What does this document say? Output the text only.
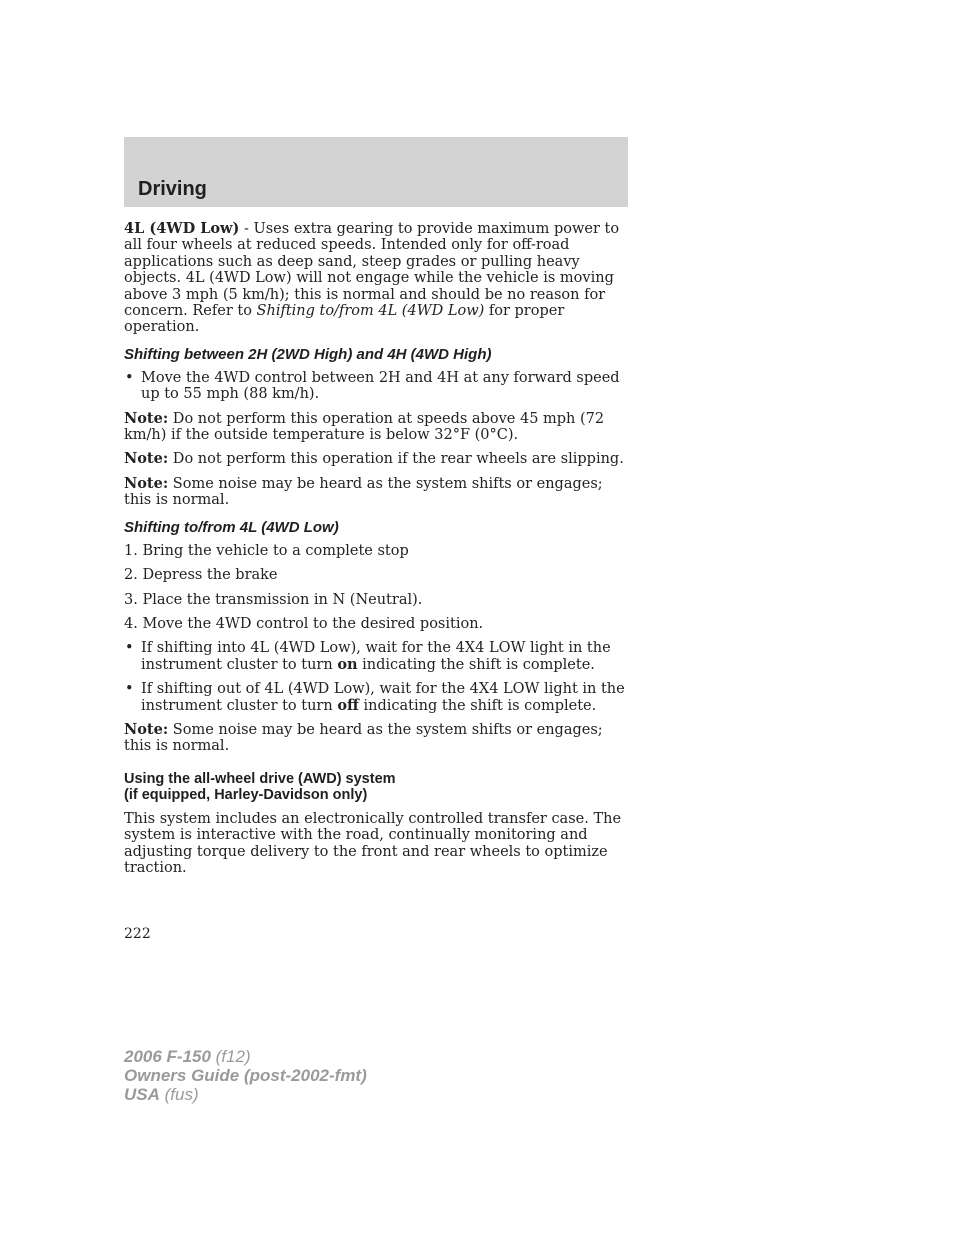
Driving

4L (4WD Low) - Uses extra gearing to provide maximum power to all four wheels at reduced speeds. Intended only for off-road applications such as deep sand, steep grades or pulling heavy objects. 4L (4WD Low) will not engage while the vehicle is moving above 3 mph (5 km/h); this is normal and should be no reason for concern. Refer to Shifting to/from 4L (4WD Low) for proper operation.

Shifting between 2H (2WD High) and 4H (4WD High)
• Move the 4WD control between 2H and 4H at any forward speed up to 55 mph (88 km/h).

Note: Do not perform this operation at speeds above 45 mph (72 km/h) if the outside temperature is below 32°F (0°C).

Note: Do not perform this operation if the rear wheels are slipping.

Note: Some noise may be heard as the system shifts or engages; this is normal.

Shifting to/from 4L (4WD Low)

1. Bring the vehicle to a complete stop

2. Depress the brake

3. Place the transmission in N (Neutral).

4. Move the 4WD control to the desired position.

• If shifting into 4L (4WD Low), wait for the 4X4 LOW light in the instrument cluster to turn on indicating the shift is complete.
• If shifting out of 4L (4WD Low), wait for the 4X4 LOW light in the instrument cluster to turn off indicating the shift is complete.

Note: Some noise may be heard as the system shifts or engages; this is normal.

Using the all-wheel drive (AWD) system
(if equipped, Harley-Davidson only)

This system includes an electronically controlled transfer case. The system is interactive with the road, continually monitoring and adjusting torque delivery to the front and rear wheels to optimize traction.

222
2006 F-150 (f12)
Owners Guide (post-2002-fmt)
USA (fus)
